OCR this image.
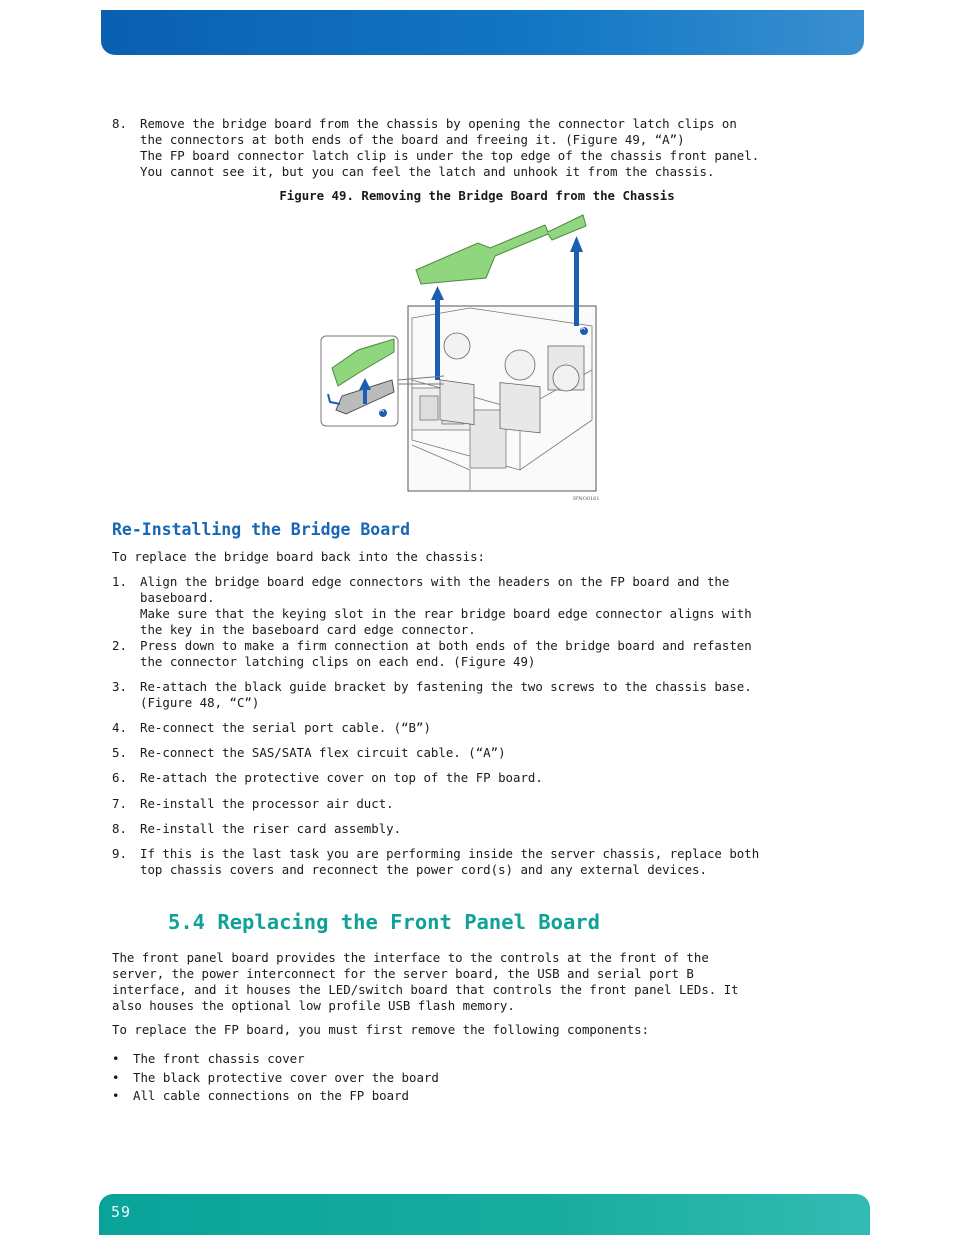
8. Remove the bridge board from the chassis by opening the connector latch clips on
the connectors at both ends of the board and freeing it. (Figure 49, “A”)
The FP board connector latch clip is under the top edge of the chassis front panel.
You cannot see it, but you can feel the latch and unhook it from the chassis.
Figure 49. Removing the Bridge Board from the Chassis
A
A
IPNO0161
Re-Installing the Bridge Board
To replace the bridge board back into the chassis:
1. Align the bridge board edge connectors with the headers on the FP board and the
baseboard.
Make sure that the keying slot in the rear bridge board edge connector aligns with
the key in the baseboard card edge connector.
2. Press down to make a firm connection at both ends of the bridge board and refasten
the connector latching clips on each end. (Figure 49)
3. Re-attach the black guide bracket by fastening the two screws to the chassis base.
(Figure 48, “C”)
4. Re-connect the serial port cable. (“B”)
5. Re-connect the SAS/SATA flex circuit cable. (“A”)
6. Re-attach the protective cover on top of the FP board.
7. Re-install the processor air duct.
8. Re-install the riser card assembly.
9. If this is the last task you are performing inside the server chassis, replace both
top chassis covers and reconnect the power cord(s) and any external devices.
5.4 Replacing the Front Panel Board
The front panel board provides the interface to the controls at the front of the
server, the power interconnect for the server board, the USB and serial port B
interface, and it houses the LED/switch board that controls the front panel LEDs. It
also houses the optional low profile USB flash memory.
To replace the FP board, you must first remove the following components:
• The front chassis cover
• The black protective cover over the board
• All cable connections on the FP board
59
